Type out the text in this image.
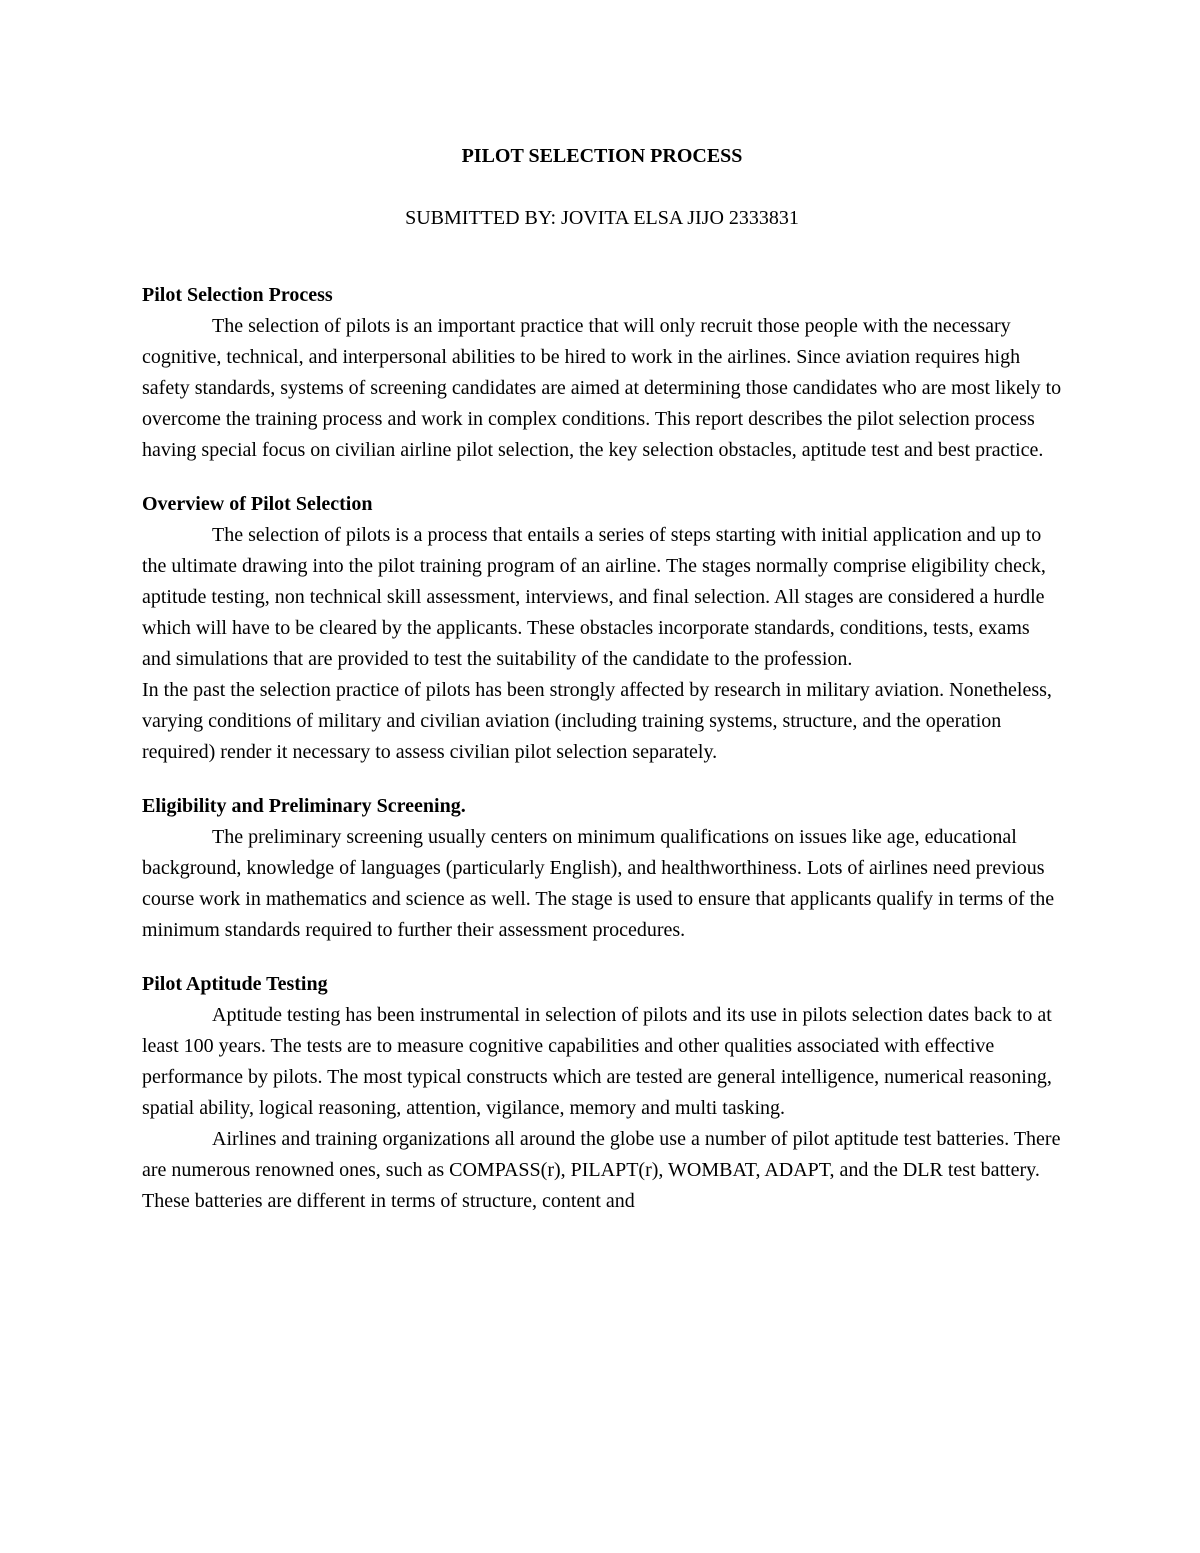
PILOT SELECTION PROCESS

SUBMITTED BY: JOVITA ELSA JIJO 2333831

Pilot Selection Process

The selection of pilots is an important practice that will only recruit those people with the necessary cognitive, technical, and interpersonal abilities to be hired to work in the airlines. Since aviation requires high safety standards, systems of screening candidates are aimed at determining those candidates who are most likely to overcome the training process and work in complex conditions. This report describes the pilot selection process having special focus on civilian airline pilot selection, the key selection obstacles, aptitude test and best practice.

Overview of Pilot Selection

The selection of pilots is a process that entails a series of steps starting with initial application and up to the ultimate drawing into the pilot training program of an airline. The stages normally comprise eligibility check, aptitude testing, non technical skill assessment, interviews, and final selection. All stages are considered a hurdle which will have to be cleared by the applicants. These obstacles incorporate standards, conditions, tests, exams and simulations that are provided to test the suitability of the candidate to the profession.

In the past the selection practice of pilots has been strongly affected by research in military aviation. Nonetheless, varying conditions of military and civilian aviation (including training systems, structure, and the operation required) render it necessary to assess civilian pilot selection separately.

Eligibility and Preliminary Screening.

The preliminary screening usually centers on minimum qualifications on issues like age, educational background, knowledge of languages (particularly English), and healthworthiness. Lots of airlines need previous course work in mathematics and science as well. The stage is used to ensure that applicants qualify in terms of the minimum standards required to further their assessment procedures.

Pilot Aptitude Testing

Aptitude testing has been instrumental in selection of pilots and its use in pilots selection dates back to at least 100 years. The tests are to measure cognitive capabilities and other qualities associated with effective performance by pilots. The most typical constructs which are tested are general intelligence, numerical reasoning, spatial ability, logical reasoning, attention, vigilance, memory and multi tasking.

Airlines and training organizations all around the globe use a number of pilot aptitude test batteries. There are numerous renowned ones, such as COMPASS(r), PILAPT(r), WOMBAT, ADAPT, and the DLR test battery. These batteries are different in terms of structure, content and
